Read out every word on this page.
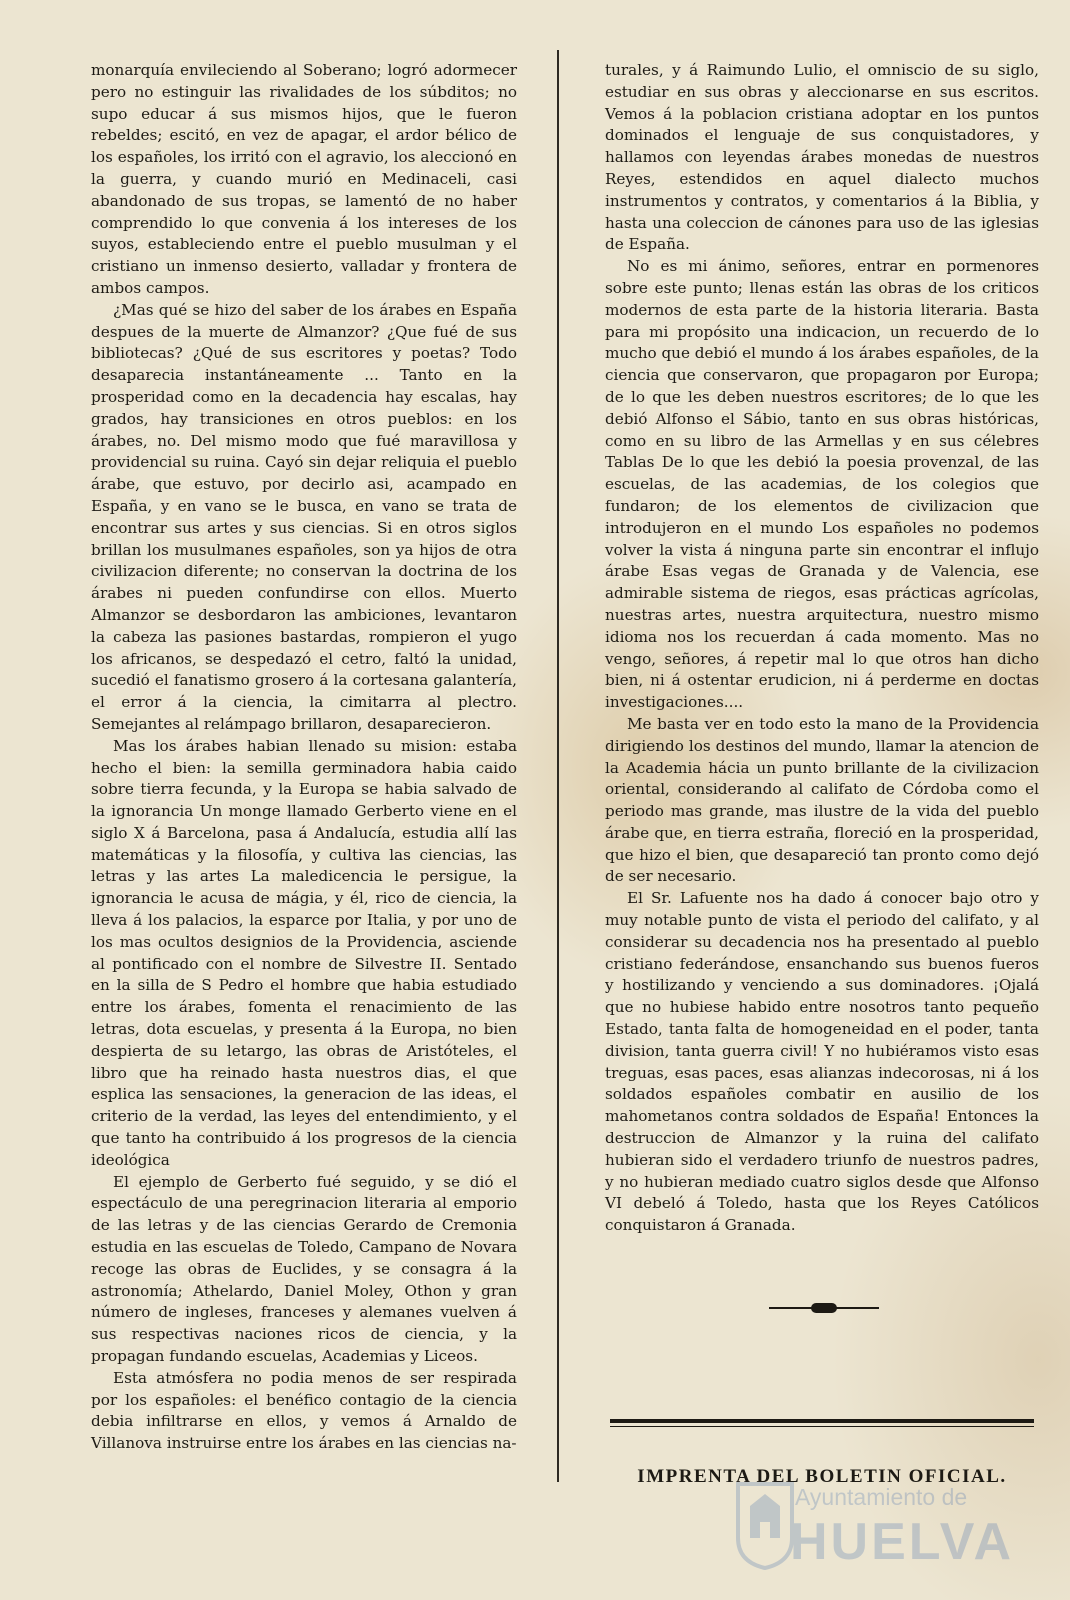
monarquía envileciendo al Soberano; logró adormecer pero no estinguir las rivalidades de los súbditos; no supo educar á sus mismos hijos, que le fueron rebeldes; escitó, en vez de apagar, el ardor bélico de los españoles, los irritó con el agravio, los aleccionó en la guerra, y cuando murió en Medinaceli, casi abandonado de sus tropas, se lamentó de no haber comprendido lo que convenia á los intereses de los suyos, estableciendo entre el pueblo musulman y el cristiano un inmenso desierto, valladar y frontera de ambos campos.

¿Mas qué se hizo del saber de los árabes en España despues de la muerte de Almanzor? ¿Que fué de sus bibliotecas? ¿Qué de sus escritores y poetas? Todo desaparecia instantáneamente ... Tanto en la prosperidad como en la decadencia hay escalas, hay grados, hay transiciones en otros pueblos: en los árabes, no. Del mismo modo que fué maravillosa y providencial su ruina. Cayó sin dejar reliquia el pueblo árabe, que estuvo, por decirlo asi, acampado en España, y en vano se le busca, en vano se trata de encontrar sus artes y sus ciencias. Si en otros siglos brillan los musulmanes españoles, son ya hijos de otra civilizacion diferente; no conservan la doctrina de los árabes ni pueden confundirse con ellos. Muerto Almanzor se desbordaron las ambiciones, levantaron la cabeza las pasiones bastardas, rompieron el yugo los africanos, se despedazó el cetro, faltó la unidad, sucedió el fanatismo grosero á la cortesana galantería, el error á la ciencia, la cimitarra al plectro. Semejantes al relámpago brillaron, desaparecieron.

Mas los árabes habian llenado su mision: estaba hecho el bien: la semilla germinadora habia caido sobre tierra fecunda, y la Europa se habia salvado de la ignorancia Un monge llamado Gerberto viene en el siglo X á Barcelona, pasa á Andalucía, estudia allí las matemáticas y la filosofía, y cultiva las ciencias, las letras y las artes La maledicencia le persigue, la ignorancia le acusa de mágia, y él, rico de ciencia, la lleva á los palacios, la esparce por Italia, y por uno de los mas ocultos designios de la Providencia, asciende al pontificado con el nombre de Silvestre II. Sentado en la silla de S Pedro el hombre que habia estudiado entre los árabes, fomenta el renacimiento de las letras, dota escuelas, y presenta á la Europa, no bien despierta de su letargo, las obras de Aristóteles, el libro que ha reinado hasta nuestros dias, el que esplica las sensaciones, la generacion de las ideas, el criterio de la verdad, las leyes del entendimiento, y el que tanto ha contribuido á los progresos de la ciencia ideológica

El ejemplo de Gerberto fué seguido, y se dió el espectáculo de una peregrinacion literaria al emporio de las letras y de las ciencias Gerardo de Cremonia estudia en las escuelas de Toledo, Campano de Novara recoge las obras de Euclides, y se consagra á la astronomía; Athelardo, Daniel Moley, Othon y gran número de ingleses, franceses y alemanes vuelven á sus respectivas naciones ricos de ciencia, y la propagan fundando escuelas, Academias y Liceos.

Esta atmósfera no podia menos de ser respirada por los españoles: el benéfico contagio de la ciencia debia infiltrarse en ellos, y vemos á Arnaldo de Villanova instruirse entre los árabes en las ciencias na-

turales, y á Raimundo Lulio, el omniscio de su siglo, estudiar en sus obras y aleccionarse en sus escritos. Vemos á la poblacion cristiana adoptar en los puntos dominados el lenguaje de sus conquistadores, y hallamos con leyendas árabes monedas de nuestros Reyes, estendidos en aquel dialecto muchos instrumentos y contratos, y comentarios á la Biblia, y hasta una coleccion de cánones para uso de las iglesias de España.

No es mi ánimo, señores, entrar en pormenores sobre este punto; llenas están las obras de los criticos modernos de esta parte de la historia literaria. Basta para mi propósito una indicacion, un recuerdo de lo mucho que debió el mundo á los árabes españoles, de la ciencia que conservaron, que propagaron por Europa; de lo que les deben nuestros escritores; de lo que les debió Alfonso el Sábio, tanto en sus obras históricas, como en su libro de las Armellas y en sus célebres Tablas De lo que les debió la poesia provenzal, de las escuelas, de las academias, de los colegios que fundaron; de los elementos de civilizacion que introdujeron en el mundo Los españoles no podemos volver la vista á ninguna parte sin encontrar el influjo árabe Esas vegas de Granada y de Valencia, ese admirable sistema de riegos, esas prácticas agrícolas, nuestras artes, nuestra arquitectura, nuestro mismo idioma nos los recuerdan á cada momento. Mas no vengo, señores, á repetir mal lo que otros han dicho bien, ni á ostentar erudicion, ni á perderme en doctas investigaciones....

Me basta ver en todo esto la mano de la Providencia dirigiendo los destinos del mundo, llamar la atencion de la Academia hácia un punto brillante de la civilizacion oriental, considerando al califato de Córdoba como el periodo mas grande, mas ilustre de la vida del pueblo árabe que, en tierra estraña, floreció en la prosperidad, que hizo el bien, que desapareció tan pronto como dejó de ser necesario.

El Sr. Lafuente nos ha dado á conocer bajo otro y muy notable punto de vista el periodo del califato, y al considerar su decadencia nos ha presentado al pueblo cristiano federándose, ensanchando sus buenos fueros y hostilizando y venciendo a sus dominadores. ¡Ojalá que no hubiese habido entre nosotros tanto pequeño Estado, tanta falta de homogeneidad en el poder, tanta division, tanta guerra civil! Y no hubiéramos visto esas treguas, esas paces, esas alianzas indecorosas, ni á los soldados españoles combatir en ausilio de los mahometanos contra soldados de España! Entonces la destruccion de Almanzor y la ruina del califato hubieran sido el verdadero triunfo de nuestros padres, y no hubieran mediado cuatro siglos desde que Alfonso VI debeló á Toledo, hasta que los Reyes Católicos conquistaron á Granada.

IMPRENTA DEL BOLETIN OFICIAL.
Ayuntamiento de
HUELVA
